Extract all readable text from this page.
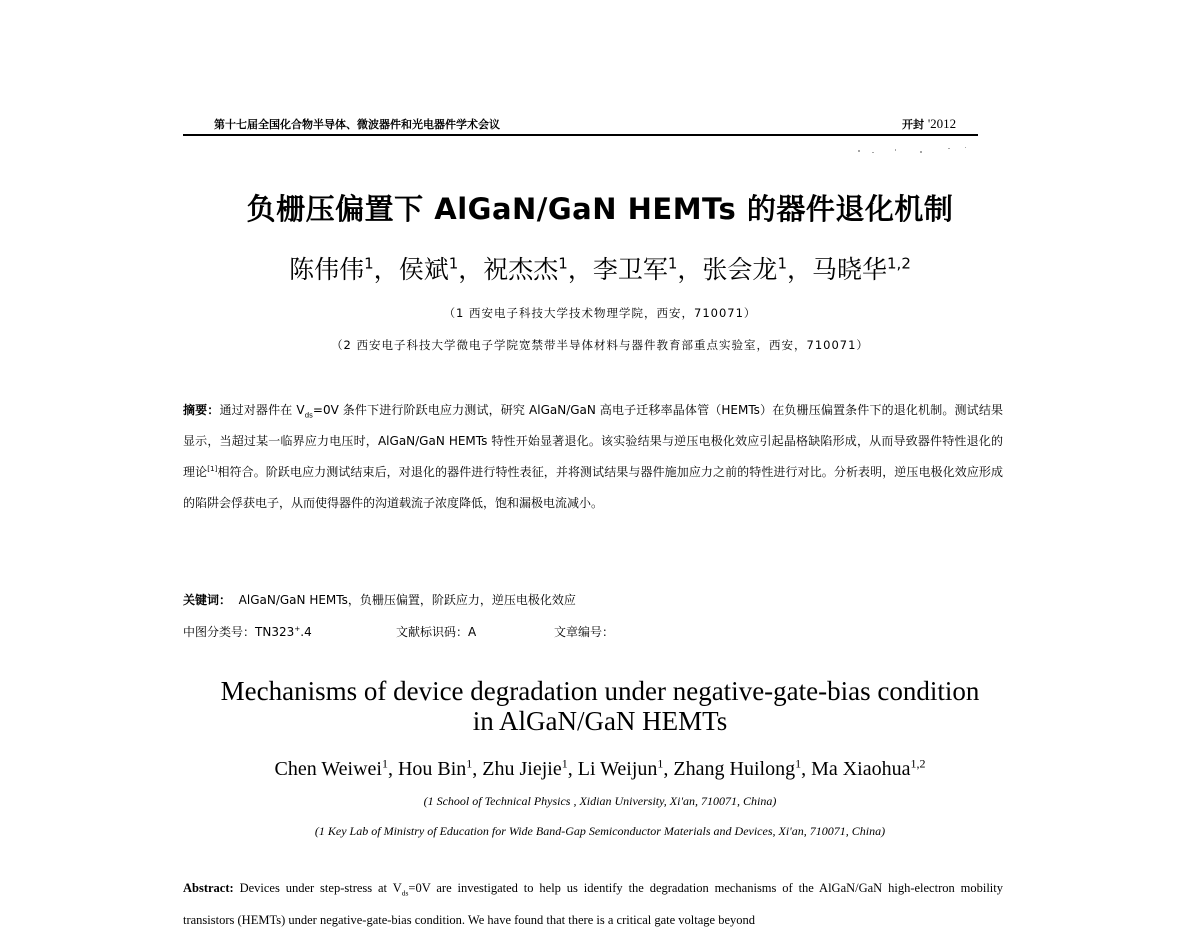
第十七届全国化合物半导体、微波器件和光电器件学术会议	开封 '2012
负栅压偏置下 AlGaN/GaN HEMTs 的器件退化机制
陈伟伟$^1$，侯斌$^1$，祝杰杰$^1$，李卫军$^1$，张会龙$^1$，马晓华$^{1,2}$
（1 西安电子科技大学技术物理学院，西安，710071）
（2 西安电子科技大学微电子学院宽禁带半导体材料与器件教育部重点实验室，西安，710071）
摘要：通过对器件在 $V_{ds}=0V$ 条件下进行阶跃电应力测试，研究 AlGaN/GaN 高电子迁移率晶体管（HEMTs）在负栅压偏置条件下的退化机制。测试结果显示，当超过某一临界应力电压时，AlGaN/GaN HEMTs 特性开始显著退化。该实验结果与逆压电极化效应引起晶格缺陷形成，从而导致器件特性退化的理论[1]相符合。阶跃电应力测试结束后，对退化的器件进行特性表征，并将测试结果与器件施加应力之前的特性进行对比。分析表明，逆压电极化效应形成的陷阱会俘获电子，从而使得器件的沟道载流子浓度降低，饱和漏极电流减小。
关键词： AlGaN/GaN HEMTs，负栅压偏置，阶跃应力，逆压电极化效应
中图分类号：TN323+.4	文献标识码：A	文章编号：
Mechanisms of device degradation under negative-gate-bias condition
in AlGaN/GaN HEMTs
Chen Weiwei$^1$, Hou Bin$^1$, Zhu Jiejie$^1$, Li Weijun$^1$, Zhang Huilong$^1$, Ma Xiaohua$^{1,2}$
(1 School of Technical Physics , Xidian University, Xi'an, 710071, China)
(1 Key Lab of Ministry of Education for Wide Band-Gap Semiconductor Materials and Devices, Xi'an, 710071, China)
Abstract: Devices under step-stress at $V_{ds}=0V$ are investigated to help us identify the degradation mechanisms of the AlGaN/GaN high-electron mobility transistors (HEMTs) under negative-gate-bias condition. We have found that there is a critical gate voltage beyond
